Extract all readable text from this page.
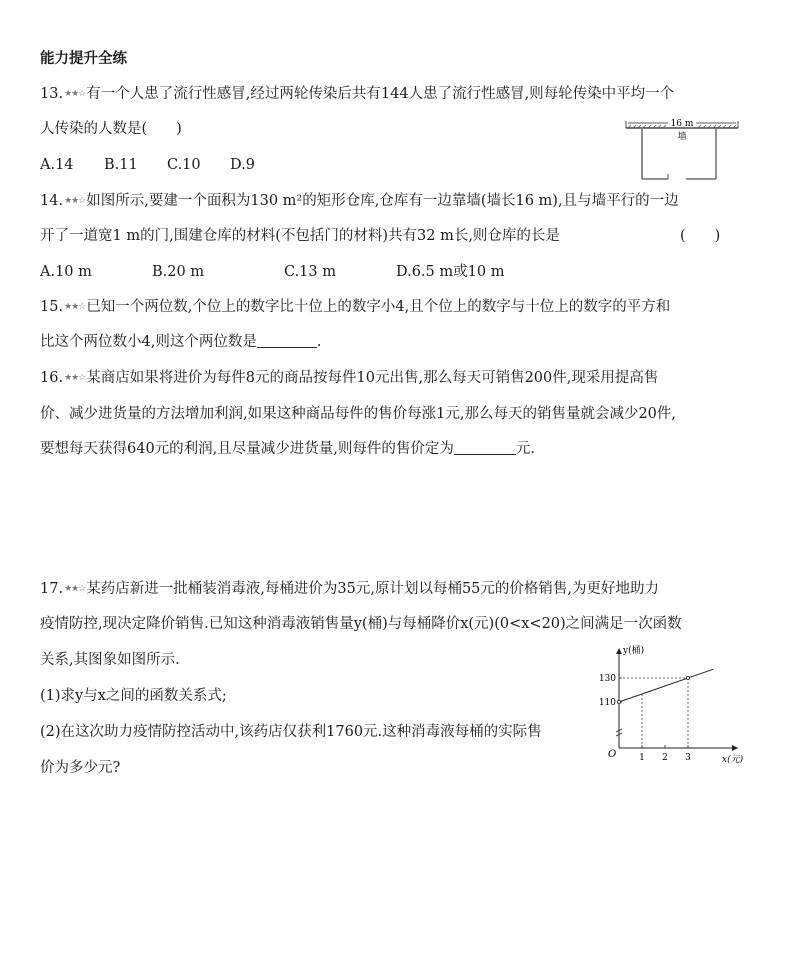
能力提升全练
13.★★☆有一个人患了流行性感冒,经过两轮传染后共有144人患了流行性感冒,则每轮传染中平均一个
人传染的人数是(　　)
A.14 B.11 C.10 D.9
16 m
墙
14.★★☆如图所示,要建一个面积为130 m²的矩形仓库,仓库有一边靠墙(墙长16 m),且与墙平行的一边
开了一道宽1 m的门,围建仓库的材料(不包括门的材料)共有32 m长,则仓库的长是	(　　)
A.10 m	B.20 m	C.13 m	D.6.5 m或10 m
15.★★☆已知一个两位数,个位上的数字比十位上的数字小4,且个位上的数字与十位上的数字的平方和
比这个两位数小4,则这个两位数是	.
16.★★☆某商店如果将进价为每件8元的商品按每件10元出售,那么每天可销售200件,现采用提高售
价、减少进货量的方法增加利润,如果这种商品每件的售价每涨1元,那么每天的销售量就会减少20件,
要想每天获得640元的利润,且尽量减少进货量,则每件的售价定为	元.
17.★★☆某药店新进一批桶装消毒液,每桶进价为35元,原计划以每桶55元的价格销售,为更好地助力
疫情防控,现决定降价销售.已知这种消毒液销售量y(桶)与每桶降价x(元)(0<x<20)之间满足一次函数
关系,其图象如图所示.
(1)求y与x之间的函数关系式;
(2)在这次助力疫情防控活动中,该药店仅获利1760元.这种消毒液每桶的实际售
价为多少元?
y(桶)
x(元)
O	1 2 3
110
130
